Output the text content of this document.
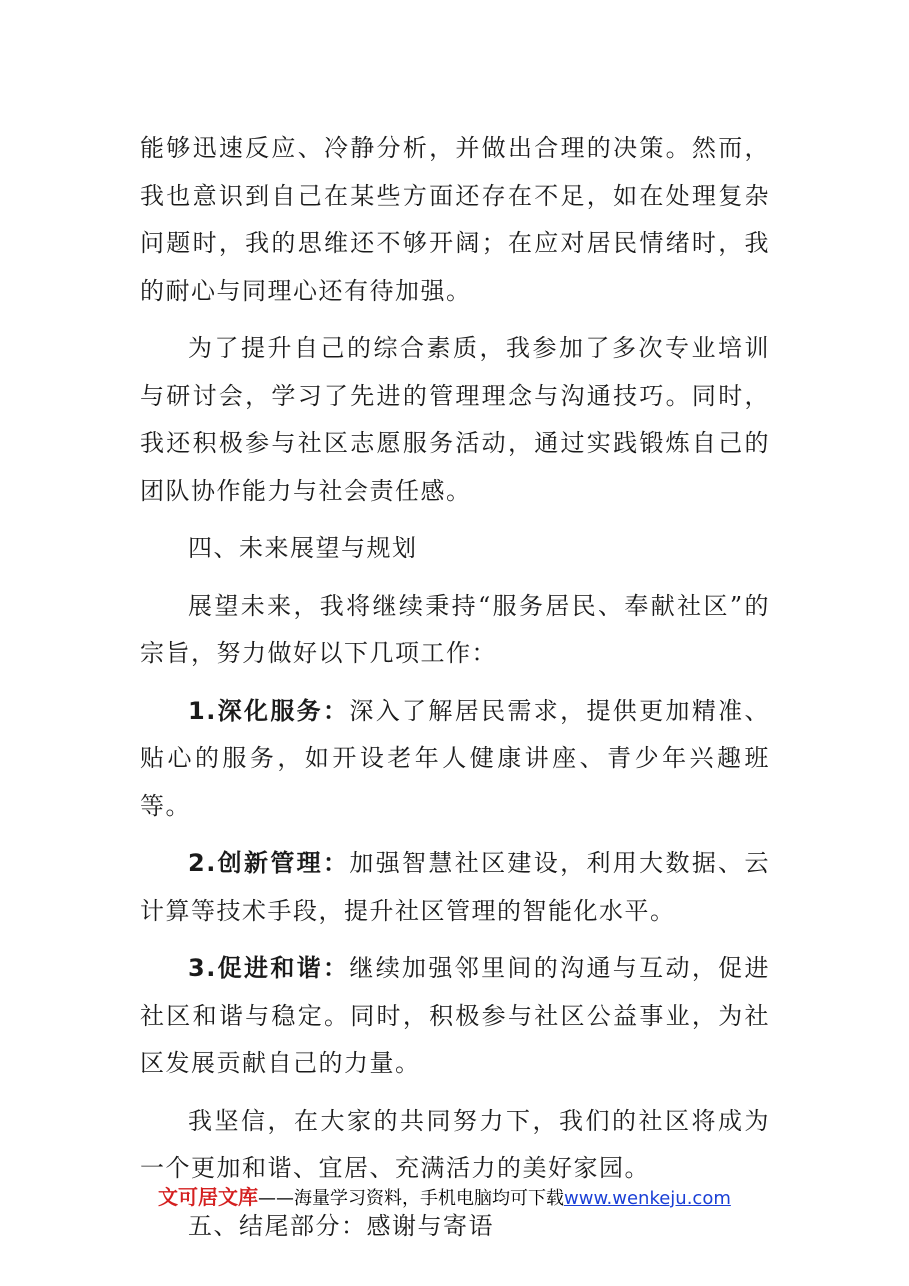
能够迅速反应、冷静分析，并做出合理的决策。然而，我也意识到自己在某些方面还存在不足，如在处理复杂问题时，我的思维还不够开阔；在应对居民情绪时，我的耐心与同理心还有待加强。

为了提升自己的综合素质，我参加了多次专业培训与研讨会，学习了先进的管理理念与沟通技巧。同时，我还积极参与社区志愿服务活动，通过实践锻炼自己的团队协作能力与社会责任感。

四、未来展望与规划

展望未来，我将继续秉持“服务居民、奉献社区”的宗旨，努力做好以下几项工作：

1.深化服务：深入了解居民需求，提供更加精准、贴心的服务，如开设老年人健康讲座、青少年兴趣班等。

2.创新管理：加强智慧社区建设，利用大数据、云计算等技术手段，提升社区管理的智能化水平。

3.促进和谐：继续加强邻里间的沟通与互动，促进社区和谐与稳定。同时，积极参与社区公益事业，为社区发展贡献自己的力量。

我坚信，在大家的共同努力下，我们的社区将成为一个更加和谐、宜居、充满活力的美好家园。

五、结尾部分：感谢与寄语

文可居文库——海量学习资料，手机电脑均可下载www.wenkeju.com
